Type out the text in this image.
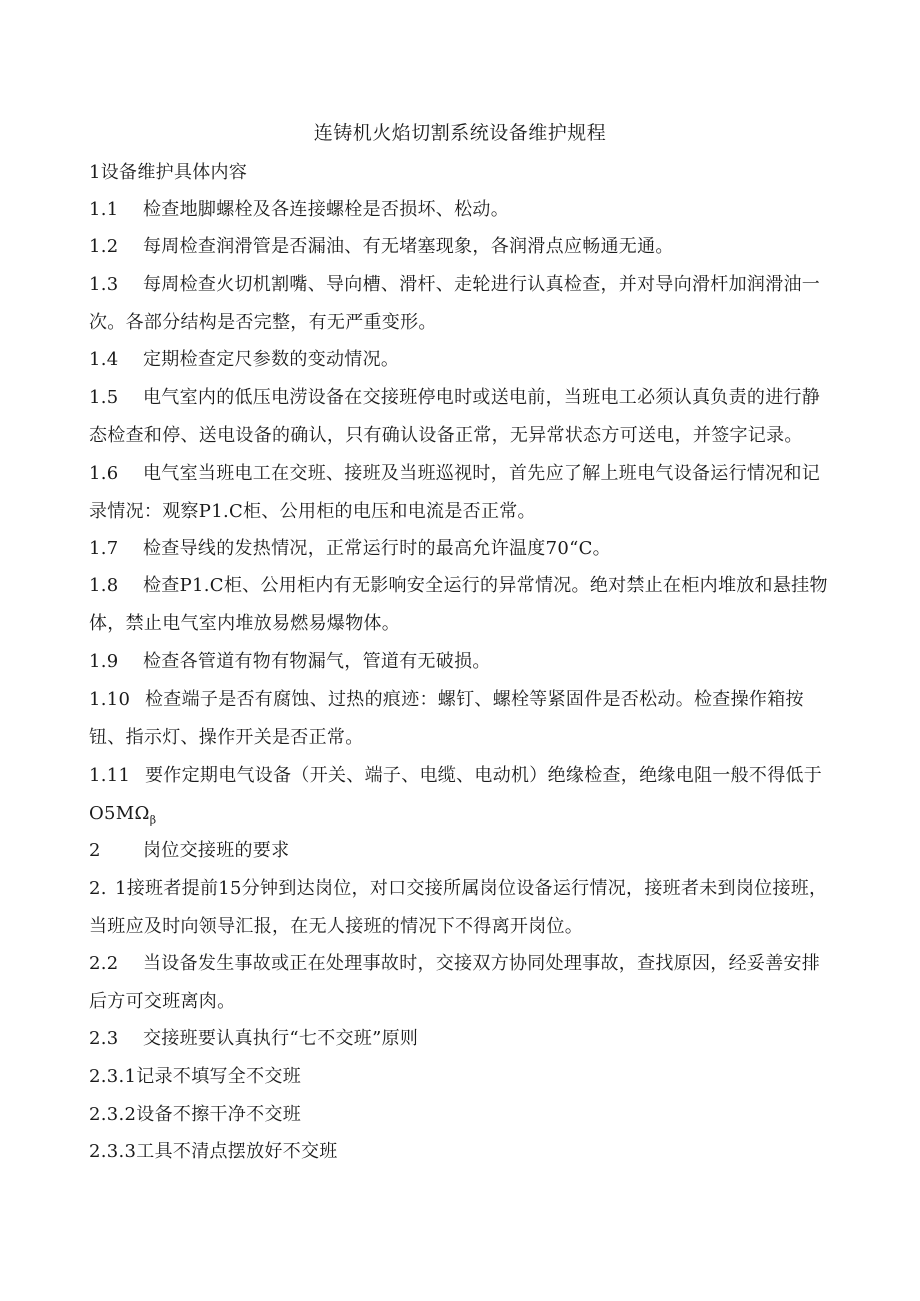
连铸机火焰切割系统设备维护规程
1设备维护具体内容
1.1 检查地脚螺栓及各连接螺栓是否损坏、松动。
1.2 每周检查润滑管是否漏油、有无堵塞现象，各润滑点应畅通无通。
1.3 每周检查火切机割嘴、导向槽、滑杆、走轮进行认真检查，并对导向滑杆加润滑油一
次。各部分结构是否完整，有无严重变形。
1.4 定期检查定尺参数的变动情况。
1.5 电气室内的低压电涝设备在交接班停电时或送电前，当班电工必须认真负责的进行静
态检查和停、送电设备的确认，只有确认设备正常，无异常状态方可送电，并签字记录。
1.6 电气室当班电工在交班、接班及当班巡视时，首先应了解上班电气设备运行情况和记
录情况：观察P1.C柜、公用柜的电压和电流是否正常。
1.7 检查导线的发热情况，正常运行时的最高允许温度70“C。
1.8 检查P1.C柜、公用柜内有无影响安全运行的异常情况。绝对禁止在柜内堆放和悬挂物
体，禁止电气室内堆放易燃易爆物体。
1.9 检查各管道有物有物漏气，管道有无破损。
1.10 检查端子是否有腐蚀、过热的痕迹：螺钉、螺栓等紧固件是否松动。检查操作箱按
钮、指示灯、操作开关是否正常。
1.11 要作定期电气设备（开关、端子、电缆、电动机）绝缘检查，绝缘电阻一般不得低于
$O5M\Omega_\beta$
2 岗位交接班的要求
2. 1接班者提前15分钟到达岗位，对口交接所属岗位设备运行情况，接班者未到岗位接班，
当班应及时向领导汇报，在无人接班的情况下不得离开岗位。
2.2 当设备发生事故或正在处理事故时，交接双方协同处理事故，查找原因，经妥善安排
后方可交班离肉。
2.3 交接班要认真执行“七不交班”原则
2.3.1记录不填写全不交班
2.3.2设备不擦干净不交班
2.3.3工具不清点摆放好不交班
